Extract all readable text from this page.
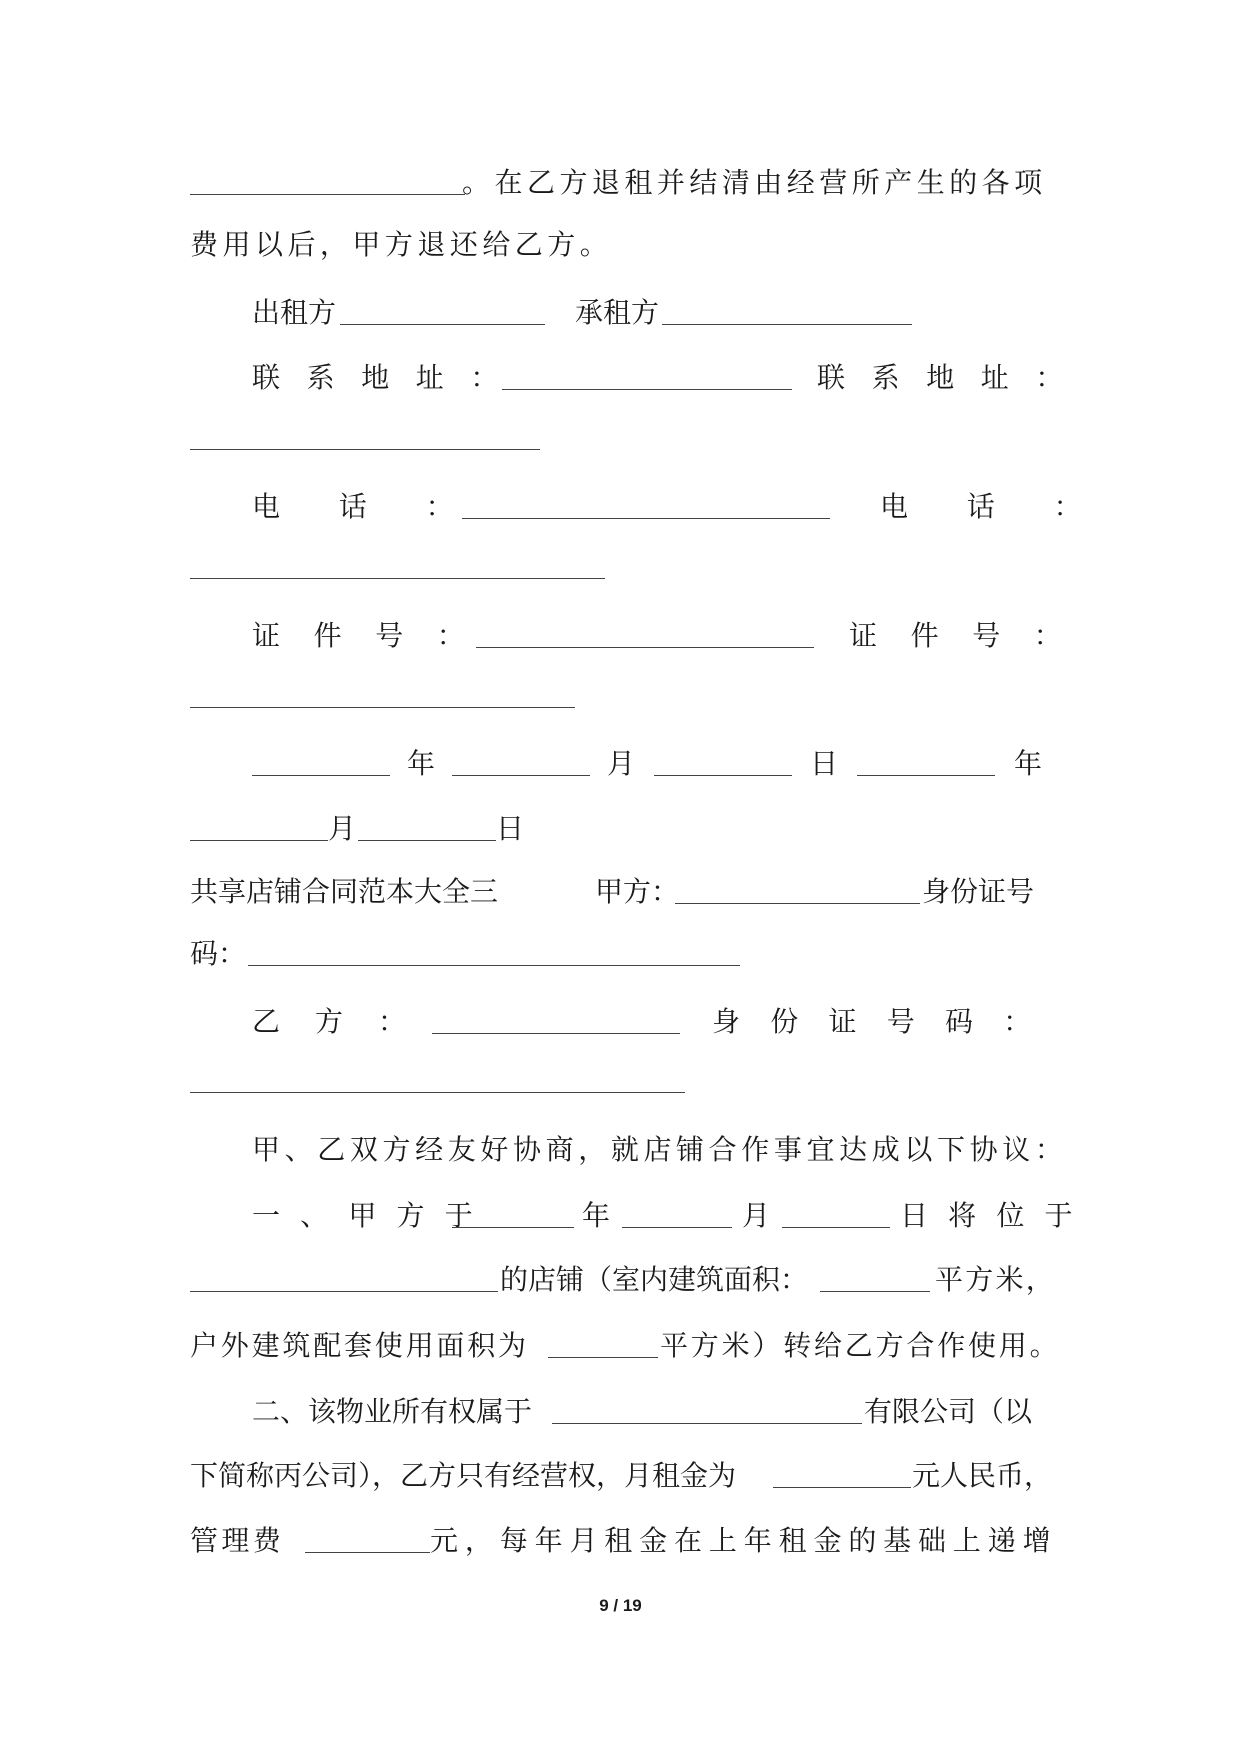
。在乙方退租并结清由经营所产生的各项
费用以后，甲方退还给乙方。
出租方	承租方
联系地址：	联系地址：
电话：	电话：
证件号：	证件号：
年	月	日	年
月	日
共享店铺合同范本大全三	甲方：	身份证号
码：
乙方：	身份证号码：
甲、乙双方经友好协商，就店铺合作事宜达成以下协议：
一、甲方于	年	月	日将位于
的店铺（室内建筑面积：	平方米，
户外建筑配套使用面积为	平方米）转给乙方合作使用。
二、该物业所有权属于	有限公司（以
下简称丙公司），乙方只有经营权，月租金为	元人民币，
管理费	元，每年月租金在上年租金的基础上递增
9 / 19
